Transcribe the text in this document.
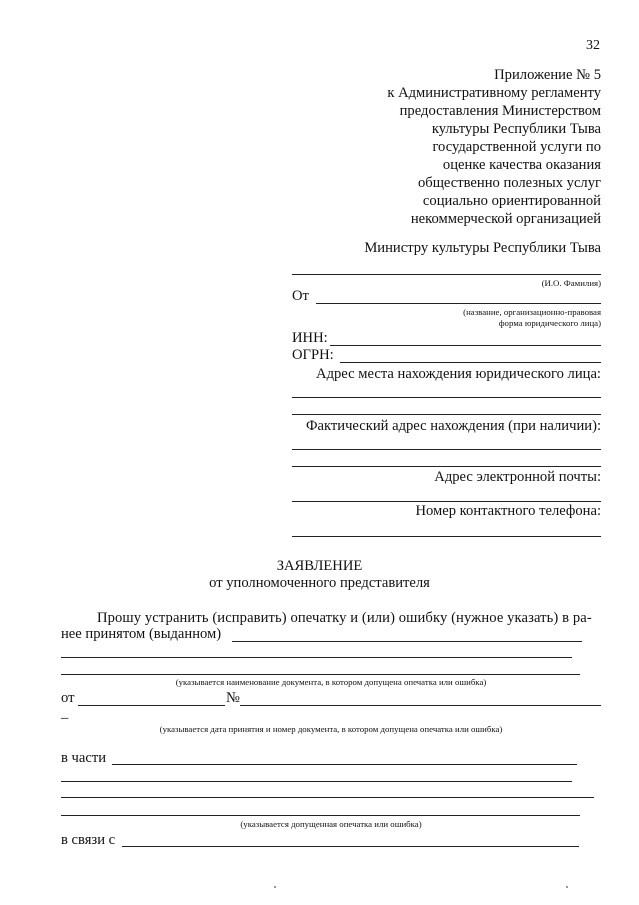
32
Приложение № 5
к Административному регламенту
предоставления Министерством
культуры Республики Тыва
государственной услуги по
оценке качества оказания
общественно полезных услуг
социально ориентированной
некоммерческой организацией
Министру культуры Республики Тыва
(И.О. Фамилия)
От
(название, организационно-правовая
форма юридического лица)
ИНН:
ОГРН:
Адрес места нахождения юридического лица:
Фактический адрес нахождения (при наличии):
Адрес электронной почты:
Номер контактного телефона:
ЗАЯВЛЕНИЕ
от уполномоченного представителя
Прошу устранить (исправить) опечатку и (или) ошибку (нужное указать) в ра-
нее принятом (выданном)
(указывается наименование документа, в котором допущена опечатка или ошибка)
от	№
–
(указывается дата принятия и номер документа, в котором допущена опечатка или ошибка)
в части
(указывается допущенная опечатка или ошибка)
в связи с
